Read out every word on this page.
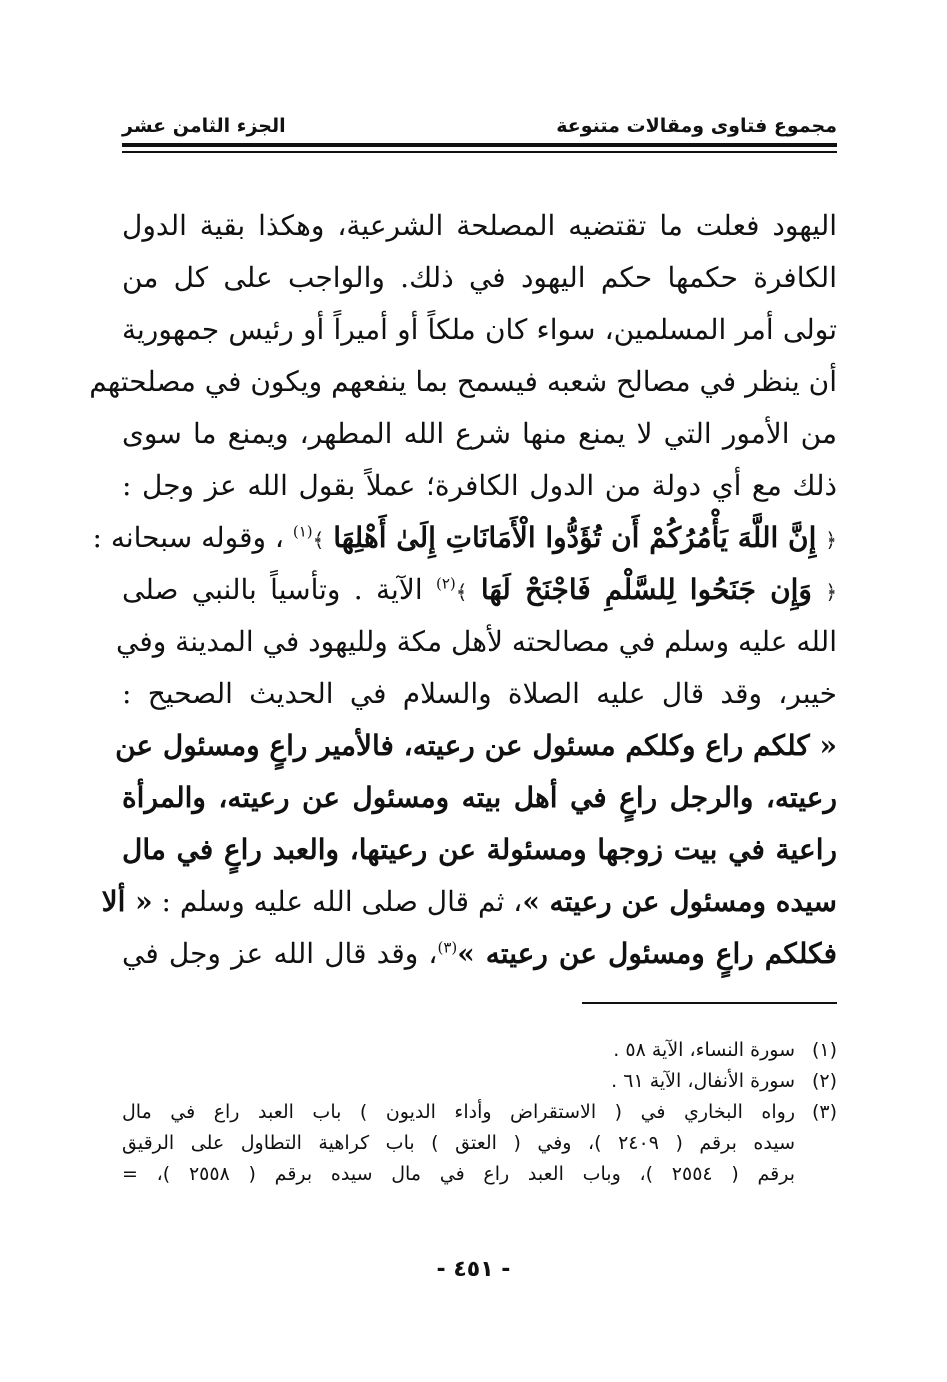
مجموع فتاوى ومقالات متنوعة
الجزء الثامن عشر
اليهود فعلت ما تقتضيه المصلحة الشرعية، وهكذا بقية الدول
الكافرة حكمها حكم اليهود في ذلك. والواجب على كل من
تولى أمر المسلمين، سواء كان ملكاً أو أميراً أو رئيس جمهورية
أن ينظر في مصالح شعبه فيسمح بما ينفعهم ويكون في مصلحتهم
من الأمور التي لا يمنع منها شرع الله المطهر، ويمنع ما سوى
ذلك مع أي دولة من الدول الكافرة؛ عملاً بقول الله عز وجل :
﴿ إِنَّ اللَّهَ يَأْمُرُكُمْ أَن تُؤَدُّوا الْأَمَانَاتِ إِلَىٰ أَهْلِهَا ﴾$^{(١)}$ ، وقوله سبحانه :
﴿ وَإِن جَنَحُوا لِلسَّلْمِ فَاجْنَحْ لَهَا ﴾$^{(٢)}$ الآية . وتأسياً بالنبي صلى
الله عليه وسلم في مصالحته لأهل مكة ولليهود في المدينة وفي
خيبر، وقد قال عليه الصلاة والسلام في الحديث الصحيح :
« كلكم راع وكلكم مسئول عن رعيته، فالأمير راعٍ ومسئول عن
رعيته، والرجل راعٍ في أهل بيته ومسئول عن رعيته، والمرأة
راعية في بيت زوجها ومسئولة عن رعيتها، والعبد راعٍ في مال
سيده ومسئول عن رعيته »، ثم قال صلى الله عليه وسلم : « ألا
فكلكم راعٍ ومسئول عن رعيته »$^{(٣)}$، وقد قال الله عز وجل في
(١)
سورة النساء، الآية ٥٨ .
(٢)
سورة الأنفال، الآية ٦١ .
(٣)
رواه البخاري في ( الاستقراض وأداء الديون ) باب العبد راع في مال
سيده برقم ( ٢٤٠٩ )، وفي ( العتق ) باب كراهية التطاول على الرقيق
برقم ( ٢٥٥٤ )، وباب العبد راع في مال سيده برقم ( ٢٥٥٨ )، =
- ٤٥١ -
